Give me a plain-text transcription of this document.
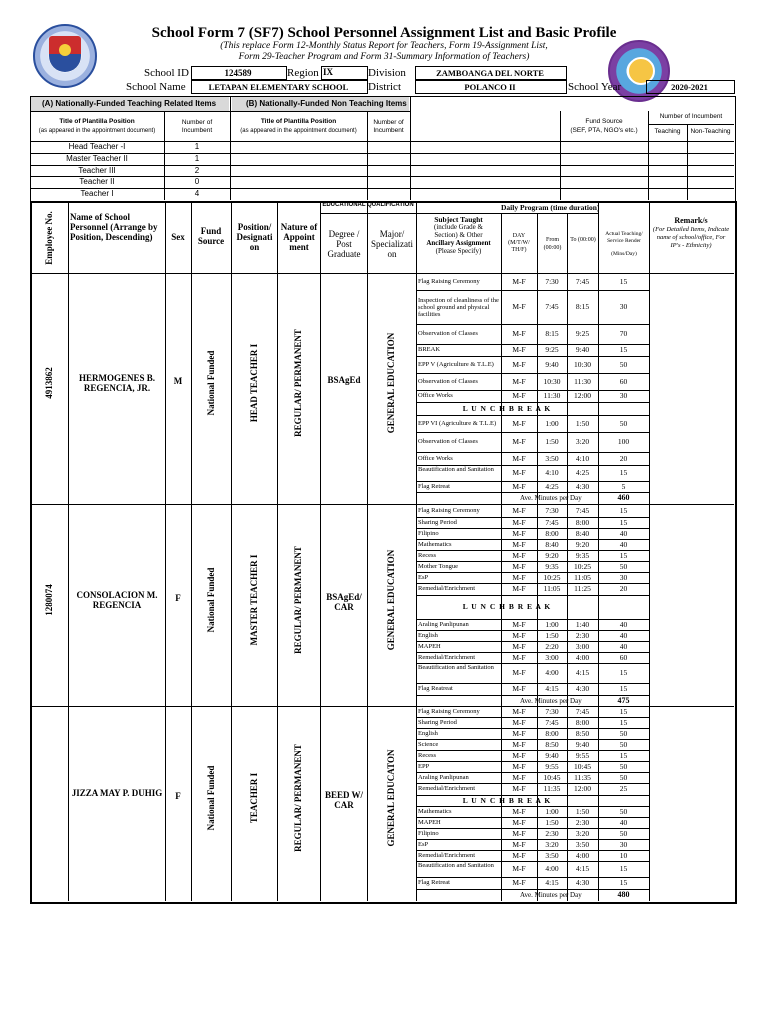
School Form 7 (SF7) School Personnel Assignment List and Basic Profile
(This replace Form 12-Monthly Status Report for Teachers, Form 19-Assignment List,
Form 29-Teacher Program and Form 31-Summary Information of Teachers)
School ID	124589	Region IX	Division	ZAMBOANGA DEL NORTE
School Name	LETAPAN ELEMENTARY SCHOOL	District	POLANCO II	School Year	2020-2021
(A) Nationally-Funded Teaching Related Items	(B) Nationally-Funded Non Teaching Items
Title of Plantilla Position
(as appeared in the appointment document)
Number of
Incumbent
Title of Plantilla Position
(as appeared in the appointment document)
Number of
Incumbent
Fund Source
(SEF, PTA, NGO's etc.)
Number of Incumbent
Teaching	Non-Teaching
Head Teacher -I	1
Master Teacher II	1
Teacher III	2
Teacher II	0
Teacher I	4
Employee No. Name of School Personnel (Arrange by Position, Descending)	Sex
Fund Source
Position/ Designati on
Nature of Appoint ment
EDUCATIONAL QUALIFICATION
Degree / Post Graduate
Major/ Specializati on
Subject Taught
(include Grade &
Section) & Other
Ancillary Assignment
(Please Specify)
Daily Program (time duration)
DAY (M/T/W/ TH/F)
From (00:00)
To (00:00)
Actual Teaching/ Service Render
(Mins/Day)
Remark/s
(For Detailed Items, Indicate name of school/office, For IP's - Ethnicity)
4913862	HERMOGENES B. REGENCIA, JR.
M	National Funded	HEAD TEACHER I	REGULAR/ PERMANENT	BSAgEd	GENERAL EDUCATION
Flag Raising Ceremony	M-F	7:30	7:45	15
Inspection of cleanliness of the school ground and physical facilities
M-F	7:45	8:15	30
Observation of Classes	M-F	8:15	9:25	70
BREAK	M-F	9:25	9:40	15
EPP V (Agriculture & T.L.E)	M-F	9:40	10:30	50
Observation of Classes	M-F	10:30	11:30	60
Office Works	M-F	11:30	12:00	30
L U N C H B R E A K
EPP VI (Agriculture & T.L.E)	M-F	1:00	1:50	50
Observation of Classes	M-F	1:50	3:20	100
Office Works	M-F	3:50	4:10	20
Beautification and Sanitation	M-F	4:10	4:25	15
Flag Retreat	M-F	4:25	4:30	5
Ave. Minutes per Day	460
1280074	CONSOLACION M. REGENCIA
F	National Funded	MASTER TEACHER I	REGULAR/ PERMANENT	BSAgEd/ CAR	GENERAL EDUCATION
Flag Raising Ceremony	M-F	7:30	7:45	15
Sharing Period	M-F	7:45	8:00	15
Filipino	M-F	8:00	8:40	40
Mathematics	M-F	8:40	9:20	40
Recess	M-F	9:20	9:35	15
Mother Tongue	M-F	9:35	10:25	50
EsP	M-F	10:25	11:05	30
Remedial/Enrichment	M-F	11:05	11:25	20
L U N C H B R E A K
Araling Panlipunan	M-F	1:00	1:40	40
English	M-F	1:50	2:30	40
MAPEH	M-F	2:20	3:00	40
Remedial/Enrichment	M-F	3:00	4:00	60
Beautification and Sanitation
M-F	4:00	4:15	15
Flag Reatreat	M-F	4:15	4:30	15
Ave. Minutes per Day	475
JIZZA MAY P. DUHIG	F	National Funded	TEACHER I	REGULAR/ PERMANENT	BEED W/ CAR	GENERAL EDUCATON
Flag Raising Ceremony	M-F	7:30	7:45	15
Sharing Period	M-F	7:45	8:00	15
English	M-F	8:00	8:50	50
Science	M-F	8:50	9:40	50
Recess	M-F	9:40	9:55	15
EPP	M-F	9:55	10:45	50
Araling Panlipunan	M-F	10:45	11:35	50
Remedial/Enrichment	M-F	11:35	12:00	25
L U N C H B R E A K
Mathematics	M-F	1:00	1:50	50
MAPEH	M-F	1:50	2:30	40
Filipino	M-F	2:30	3:20	50
EsP	M-F	3:20	3:50	30
Remedial/Enrichment	M-F	3:50	4:00	10
Beautification and Sanitation	M-F	4:00	4:15	15
Flag Retreat	M-F	4:15	4:30	15
Ave. Minutes per Day	480
